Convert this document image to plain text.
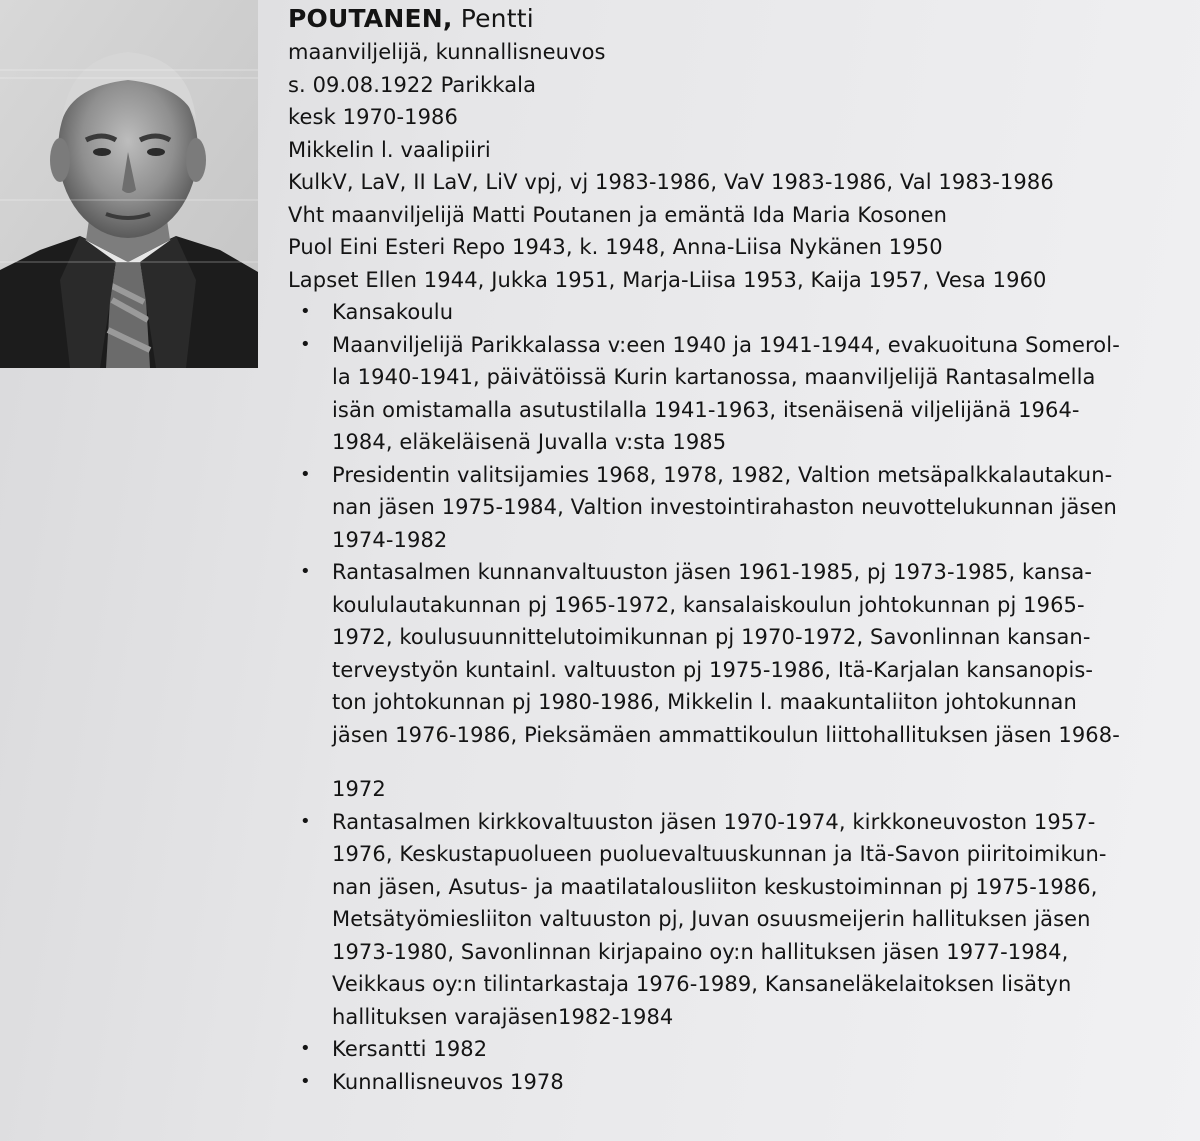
POUTANEN, Pentti

maanviljelijä, kunnallisneuvos

s. 09.08.1922 Parikkala

kesk 1970-1986

Mikkelin l. vaalipiiri

KulkV, LaV, II LaV, LiV vpj, vj 1983-1986, VaV 1983-1986, Val 1983-1986

Vht maanviljelijä Matti Poutanen ja emäntä Ida Maria Kosonen

Puol Eini Esteri Repo 1943, k. 1948, Anna-Liisa Nykänen 1950

Lapset Ellen 1944, Jukka 1951, Marja-Liisa 1953, Kaija 1957, Vesa 1960

• Kansakoulu
• Maanviljelijä Parikkalassa v:een 1940 ja 1941-1944, evakuoituna Somerol-
la 1940-1941, päivätöissä Kurin kartanossa, maanviljelijä Rantasalmella
isän omistamalla asutustilalla 1941-1963, itsenäisenä viljelijänä 1964-
1984, eläkeläisenä Juvalla v:sta 1985
• Presidentin valitsijamies 1968, 1978, 1982, Valtion metsäpalkkalautakun-
nan jäsen 1975-1984, Valtion investointirahaston neuvottelukunnan jäsen
1974-1982
• Rantasalmen kunnanvaltuuston jäsen 1961-1985, pj 1973-1985, kansa-
koululautakunnan pj 1965-1972, kansalaiskoulun johtokunnan pj 1965-
1972, koulusuunnittelutoimikunnan pj 1970-1972, Savonlinnan kansan-
terveystyön kuntainl. valtuuston pj 1975-1986, Itä-Karjalan kansanopis-
ton johtokunnan pj 1980-1986, Mikkelin l. maakuntaliiton johtokunnan
jäsen 1976-1986, Pieksämäen ammattikoulun liittohallituksen jäsen 1968-
1972
• Rantasalmen kirkkovaltuuston jäsen 1970-1974, kirkkoneuvoston 1957-
1976, Keskustapuolueen puoluevaltuuskunnan ja Itä-Savon piiritoimikun-
nan jäsen, Asutus- ja maatilatalousliiton keskustoiminnan pj 1975-1986,
Metsätyömiesliiton valtuuston pj, Juvan osuusmeijerin hallituksen jäsen
1973-1980, Savonlinnan kirjapaino oy:n hallituksen jäsen 1977-1984,
Veikkaus oy:n tilintarkastaja 1976-1989, Kansaneläkelaitoksen lisätyn
hallituksen varajäsen1982-1984
• Kersantti 1982
• Kunnallisneuvos 1978
